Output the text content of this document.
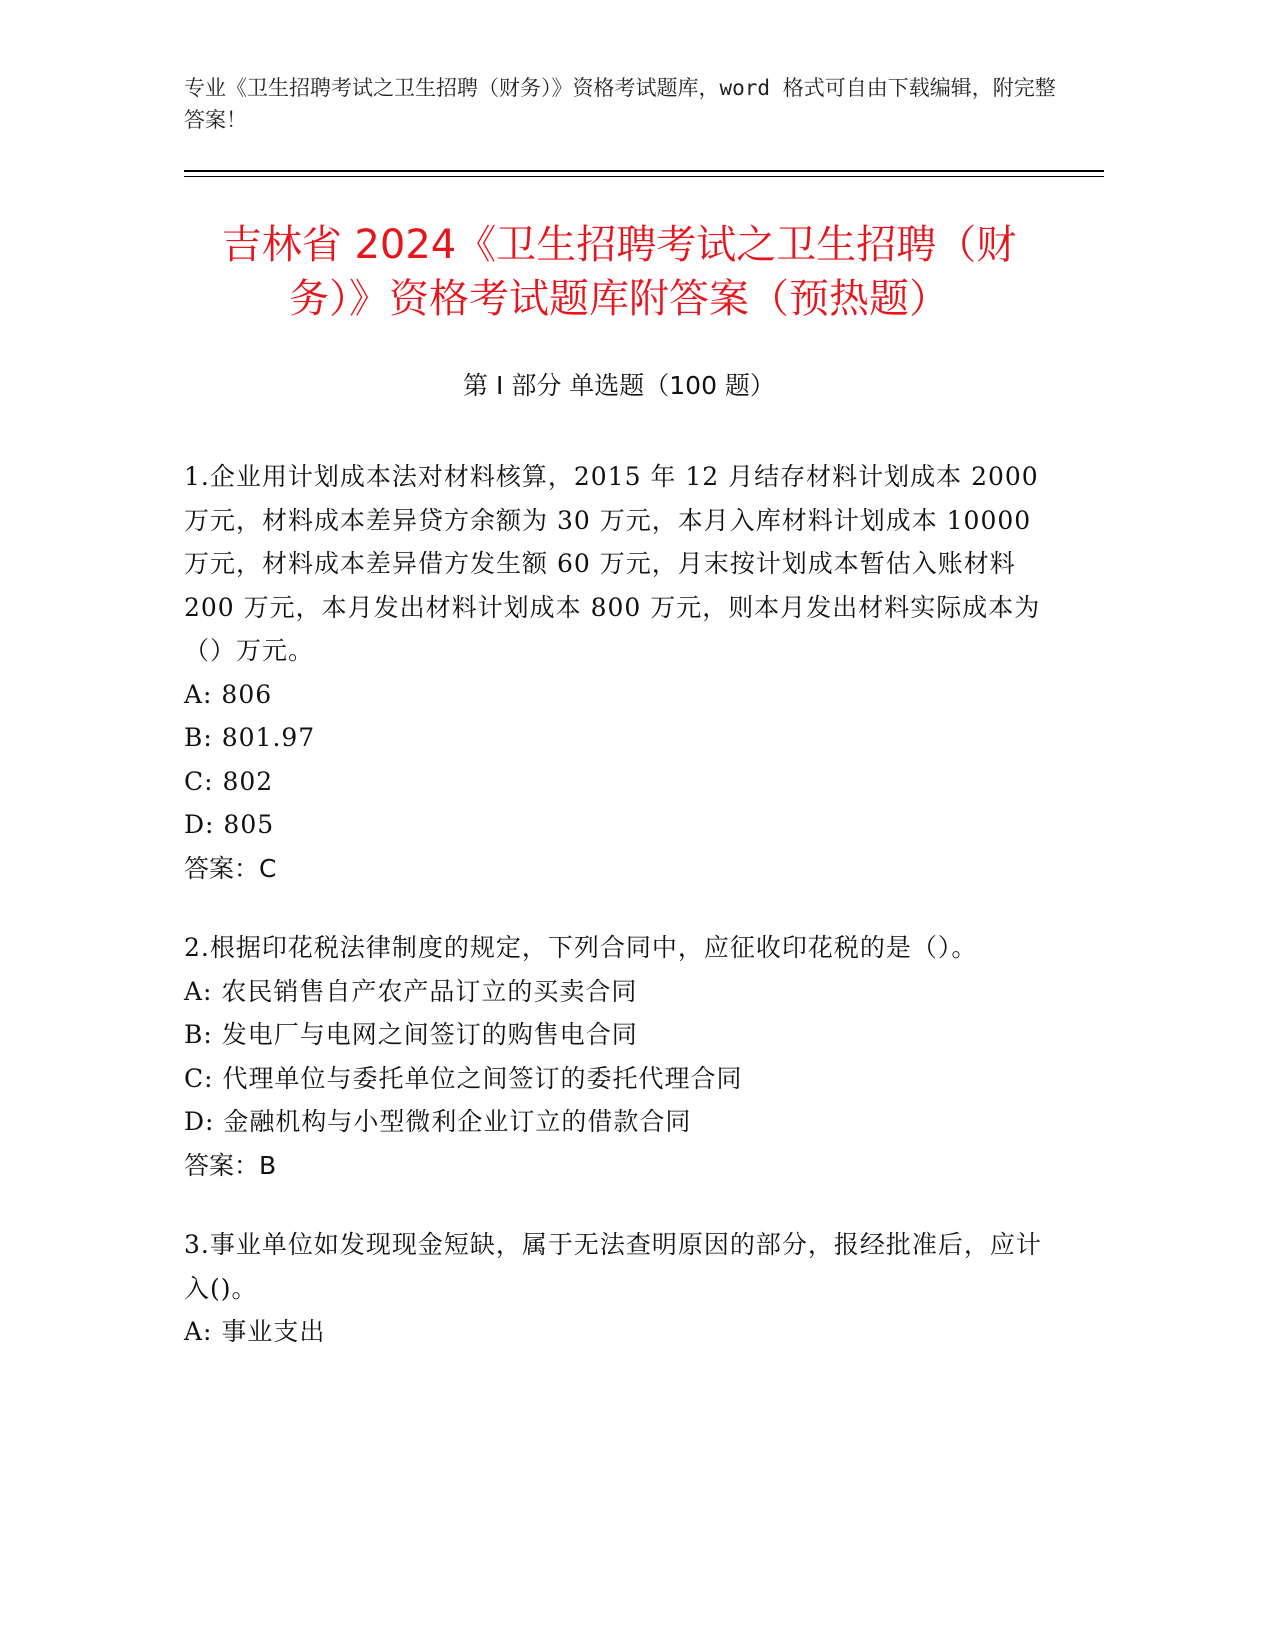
专业《卫生招聘考试之卫生招聘（财务）》资格考试题库，word 格式可自由下载编辑，附完整答案！
吉林省 2024《卫生招聘考试之卫生招聘（财务）》资格考试题库附答案（预热题）
第 I 部分 单选题（100 题）

1.企业用计划成本法对材料核算，2015 年 12 月结存材料计划成本 2000 万元，材料成本差异贷方余额为 30 万元，本月入库材料计划成本 10000 万元，材料成本差异借方发生额 60 万元，月末按计划成本暂估入账材料 200 万元，本月发出材料计划成本 800 万元，则本月发出材料实际成本为（）万元。

A: 806

B: 801.97

C: 802

D: 805

答案：C

2.根据印花税法律制度的规定，下列合同中，应征收印花税的是（）。

A: 农民销售自产农产品订立的买卖合同

B: 发电厂与电网之间签订的购售电合同

C: 代理单位与委托单位之间签订的委托代理合同

D: 金融机构与小型微利企业订立的借款合同

答案：B

3.事业单位如发现现金短缺，属于无法查明原因的部分，报经批准后，应计入()。

A: 事业支出
